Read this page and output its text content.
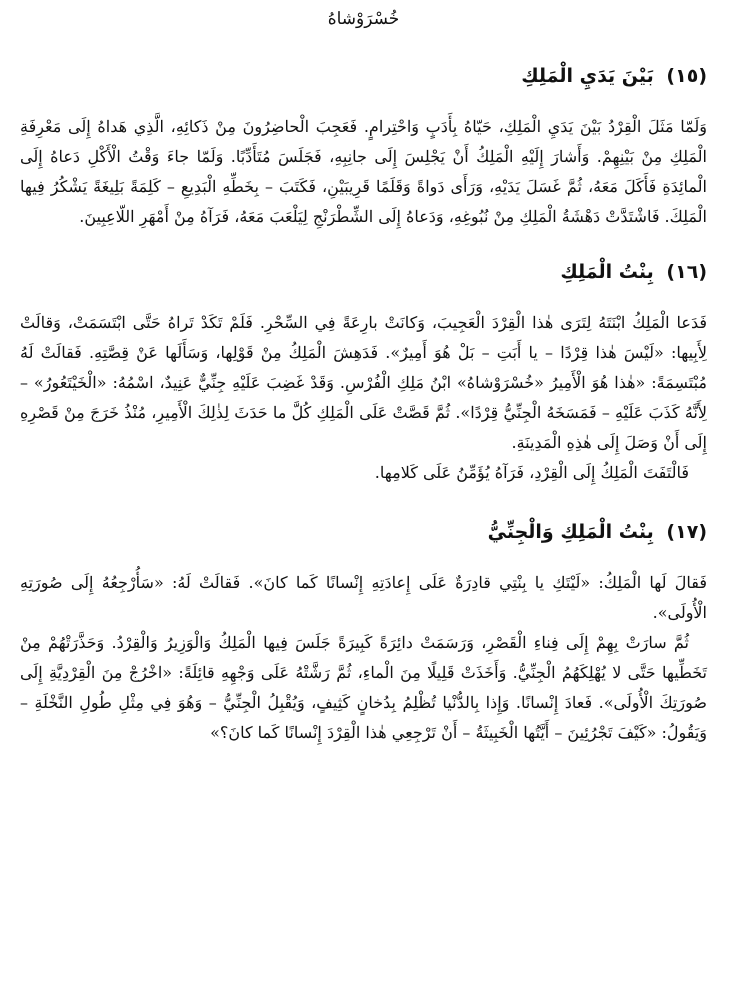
خُسْرَوْشاهُ
(١٥) بَيْنَ يَدَيِ الْمَلِكِ

وَلَمّا مَثَلَ الْقِرْدُ بَيْنَ يَدَيِ الْمَلِكِ، حَيّاهُ بِأَدَبٍ وَاحْتِرامٍ. فَعَجِبَ الْحاضِرُونَ مِنْ ذَكائِهِ، الَّذِي هَداهُ إِلَى مَعْرِفَةِ الْمَلِكِ مِنْ بَيْنِهِمْ. وَأَشارَ إِلَيْهِ الْمَلِكُ أَنْ يَجْلِسَ إِلَى جانِبِهِ، فَجَلَسَ مُتَأَدِّبًا. وَلَمّا جاءَ وَقْتُ الْأَكْلِ دَعاهُ إِلَى الْمائِدَةِ فَأَكَلَ مَعَهُ، ثُمَّ غَسَلَ يَدَيْهِ، وَرَأَى دَواةً وَقَلَمًا قَرِيبَيْنِ، فَكَتَبَ – بِخَطِّهِ الْبَدِيعِ – كَلِمَةً بَلِيغَةً يَشْكُرُ فِيها الْمَلِكَ. فَاشْتَدَّتْ دَهْشَةُ الْمَلِكِ مِنْ نُبُوغِهِ، وَدَعاهُ إِلَى الشِّطْرَنْجِ لِيَلْعَبَ مَعَهُ، فَرَآهُ مِنْ أَمْهَرِ اللّاعِبِينَ.

(١٦) بِنْتُ الْمَلِكِ

فَدَعا الْمَلِكُ ابْنَتَهُ لِتَرَى هٰذا الْقِرْدَ الْعَجِيبَ، وَكانَتْ بارِعَةً فِي السِّحْرِ. فَلَمْ تَكَدْ تَراهُ حَتَّى ابْتَسَمَتْ، وَقالَتْ لِأَبِيها: «لَيْسَ هٰذا قِرْدًا – يا أَبَتِ – بَلْ هُوَ أَمِيرٌ». فَدَهِشَ الْمَلِكُ مِنْ قَوْلِها، وَسَأَلَها عَنْ قِصَّتِهِ. فَقالَتْ لَهُ مُبْتَسِمَةً: «هٰذا هُوَ الْأَمِيرُ «خُسْرَوْشاهُ» ابْنُ مَلِكِ الْفُرْسِ. وَقَدْ غَضِبَ عَلَيْهِ جِنِّيٌّ عَنِيدٌ، اسْمُهُ: «الْخَيْتَعُورُ» – لِأَنَّهُ كَذَبَ عَلَيْهِ – فَمَسَخَهُ الْجِنِّيُّ قِرْدًا». ثُمَّ قَصَّتْ عَلَى الْمَلِكِ كُلَّ ما حَدَثَ لِذٰلِكَ الْأَمِيرِ، مُنْذُ خَرَجَ مِنْ قَصْرِهِ إِلَى أَنْ وَصَلَ إِلَى هٰذِهِ الْمَدِينَةِ.

فَالْتَفَتَ الْمَلِكُ إِلَى الْقِرْدِ، فَرَآهُ يُؤَمِّنُ عَلَى كَلامِها.

(١٧) بِنْتُ الْمَلِكِ وَالْجِنِّيُّ

فَقالَ لَها الْمَلِكُ: «لَيْتَكِ يا بِنْتِي قادِرَةٌ عَلَى إِعادَتِهِ إِنْسانًا كَما كانَ». فَقالَتْ لَهُ: «سَأُرْجِعُهُ إِلَى صُورَتِهِ الْأُولَى».

ثُمَّ سارَتْ بِهِمْ إِلَى فِناءِ الْقَصْرِ، وَرَسَمَتْ دائِرَةً كَبِيرَةً جَلَسَ فِيها الْمَلِكُ وَالْوَزِيرُ وَالْقِرْدُ. وَحَذَّرَتْهُمْ مِنْ تَخَطِّيها حَتَّى لا يُهْلِكَهُمُ الْجِنِّيُّ. وَأَخَذَتْ قَلِيلًا مِنَ الْماءِ، ثُمَّ رَشَّتْهُ عَلَى وَجْهِهِ قائِلَةً: «اخْرُجْ مِنَ الْقِرْدِيَّةِ إِلَى صُورَتِكَ الْأُولَى». فَعادَ إِنْسانًا. وَإِذا بِالدُّنْيا تُظْلِمُ بِدُخانٍ كَثِيفٍ، وَيُقْبِلُ الْجِنِّيُّ – وَهُوَ فِي مِثْلِ طُولِ النَّخْلَةِ – وَيَقُولُ: «كَيْفَ تَجْرُئِينَ – أَيَّتُها الْخَبِيثَةُ – أَنْ تَرْجِعِي هٰذا الْقِرْدَ إِنْسانًا كَما كانَ؟»
